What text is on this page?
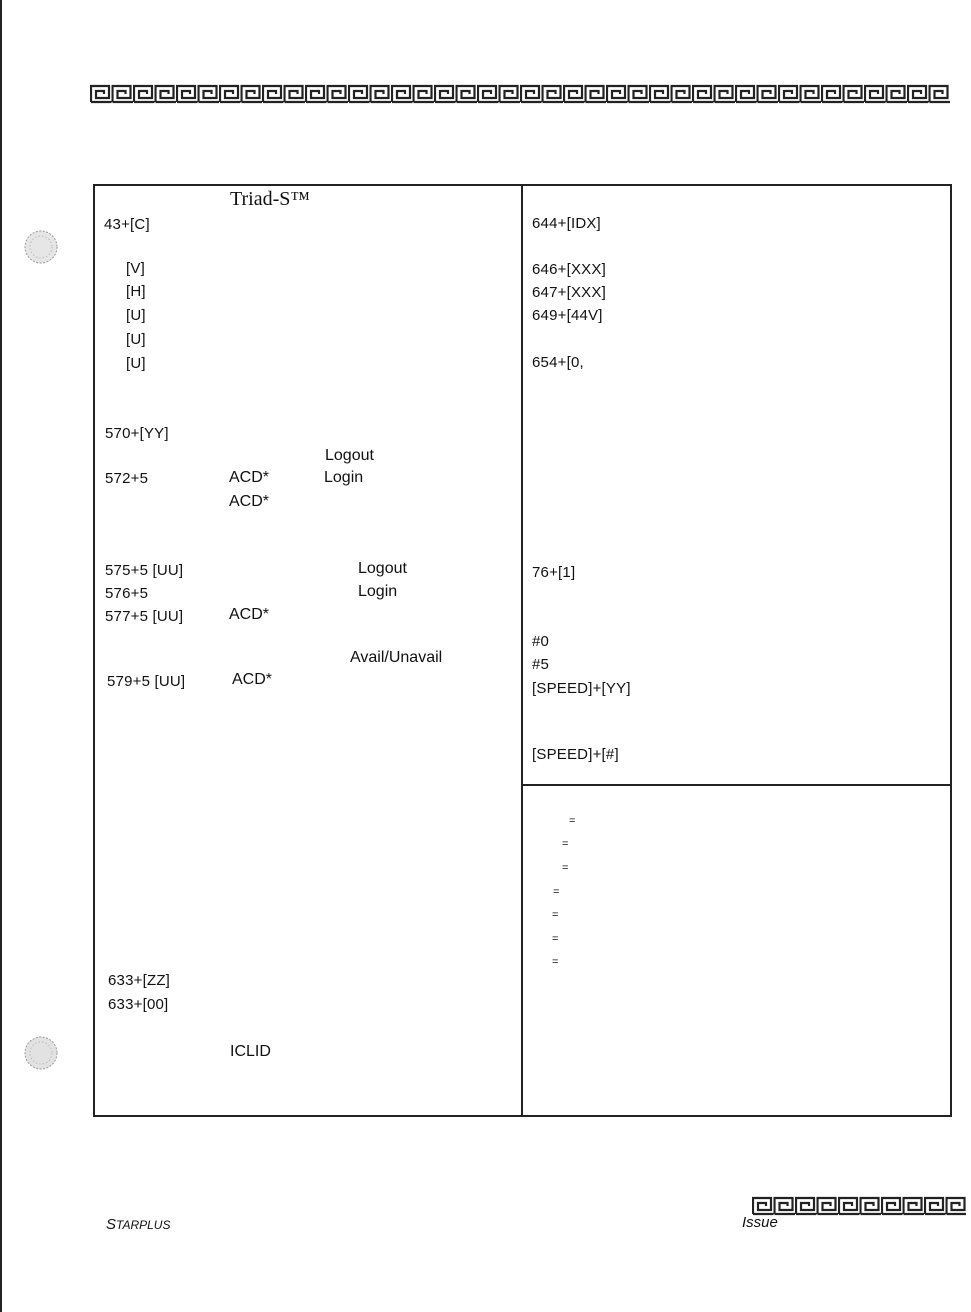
Triad-S™
43+[C]
[V]
[H]
[U]
[U]
[U]
570+[YY]
Logout
572+5	ACD*	Login
ACD*
575+5 [UU]	Logout
576+5	Login
577+5 [UU]	ACD*
Avail/Unavail
579+5 [UU]	ACD*
633+[ZZ]
633+[00]
ICLID
644+[IDX]
646+[XXX]
647+[XXX]
649+[44V]
654+[0,
76+[1]
#0
#5
[SPEED]+[YY]
[SPEED]+[#]
=
=
=
=
=
=
=
STARPLUS	Issue
